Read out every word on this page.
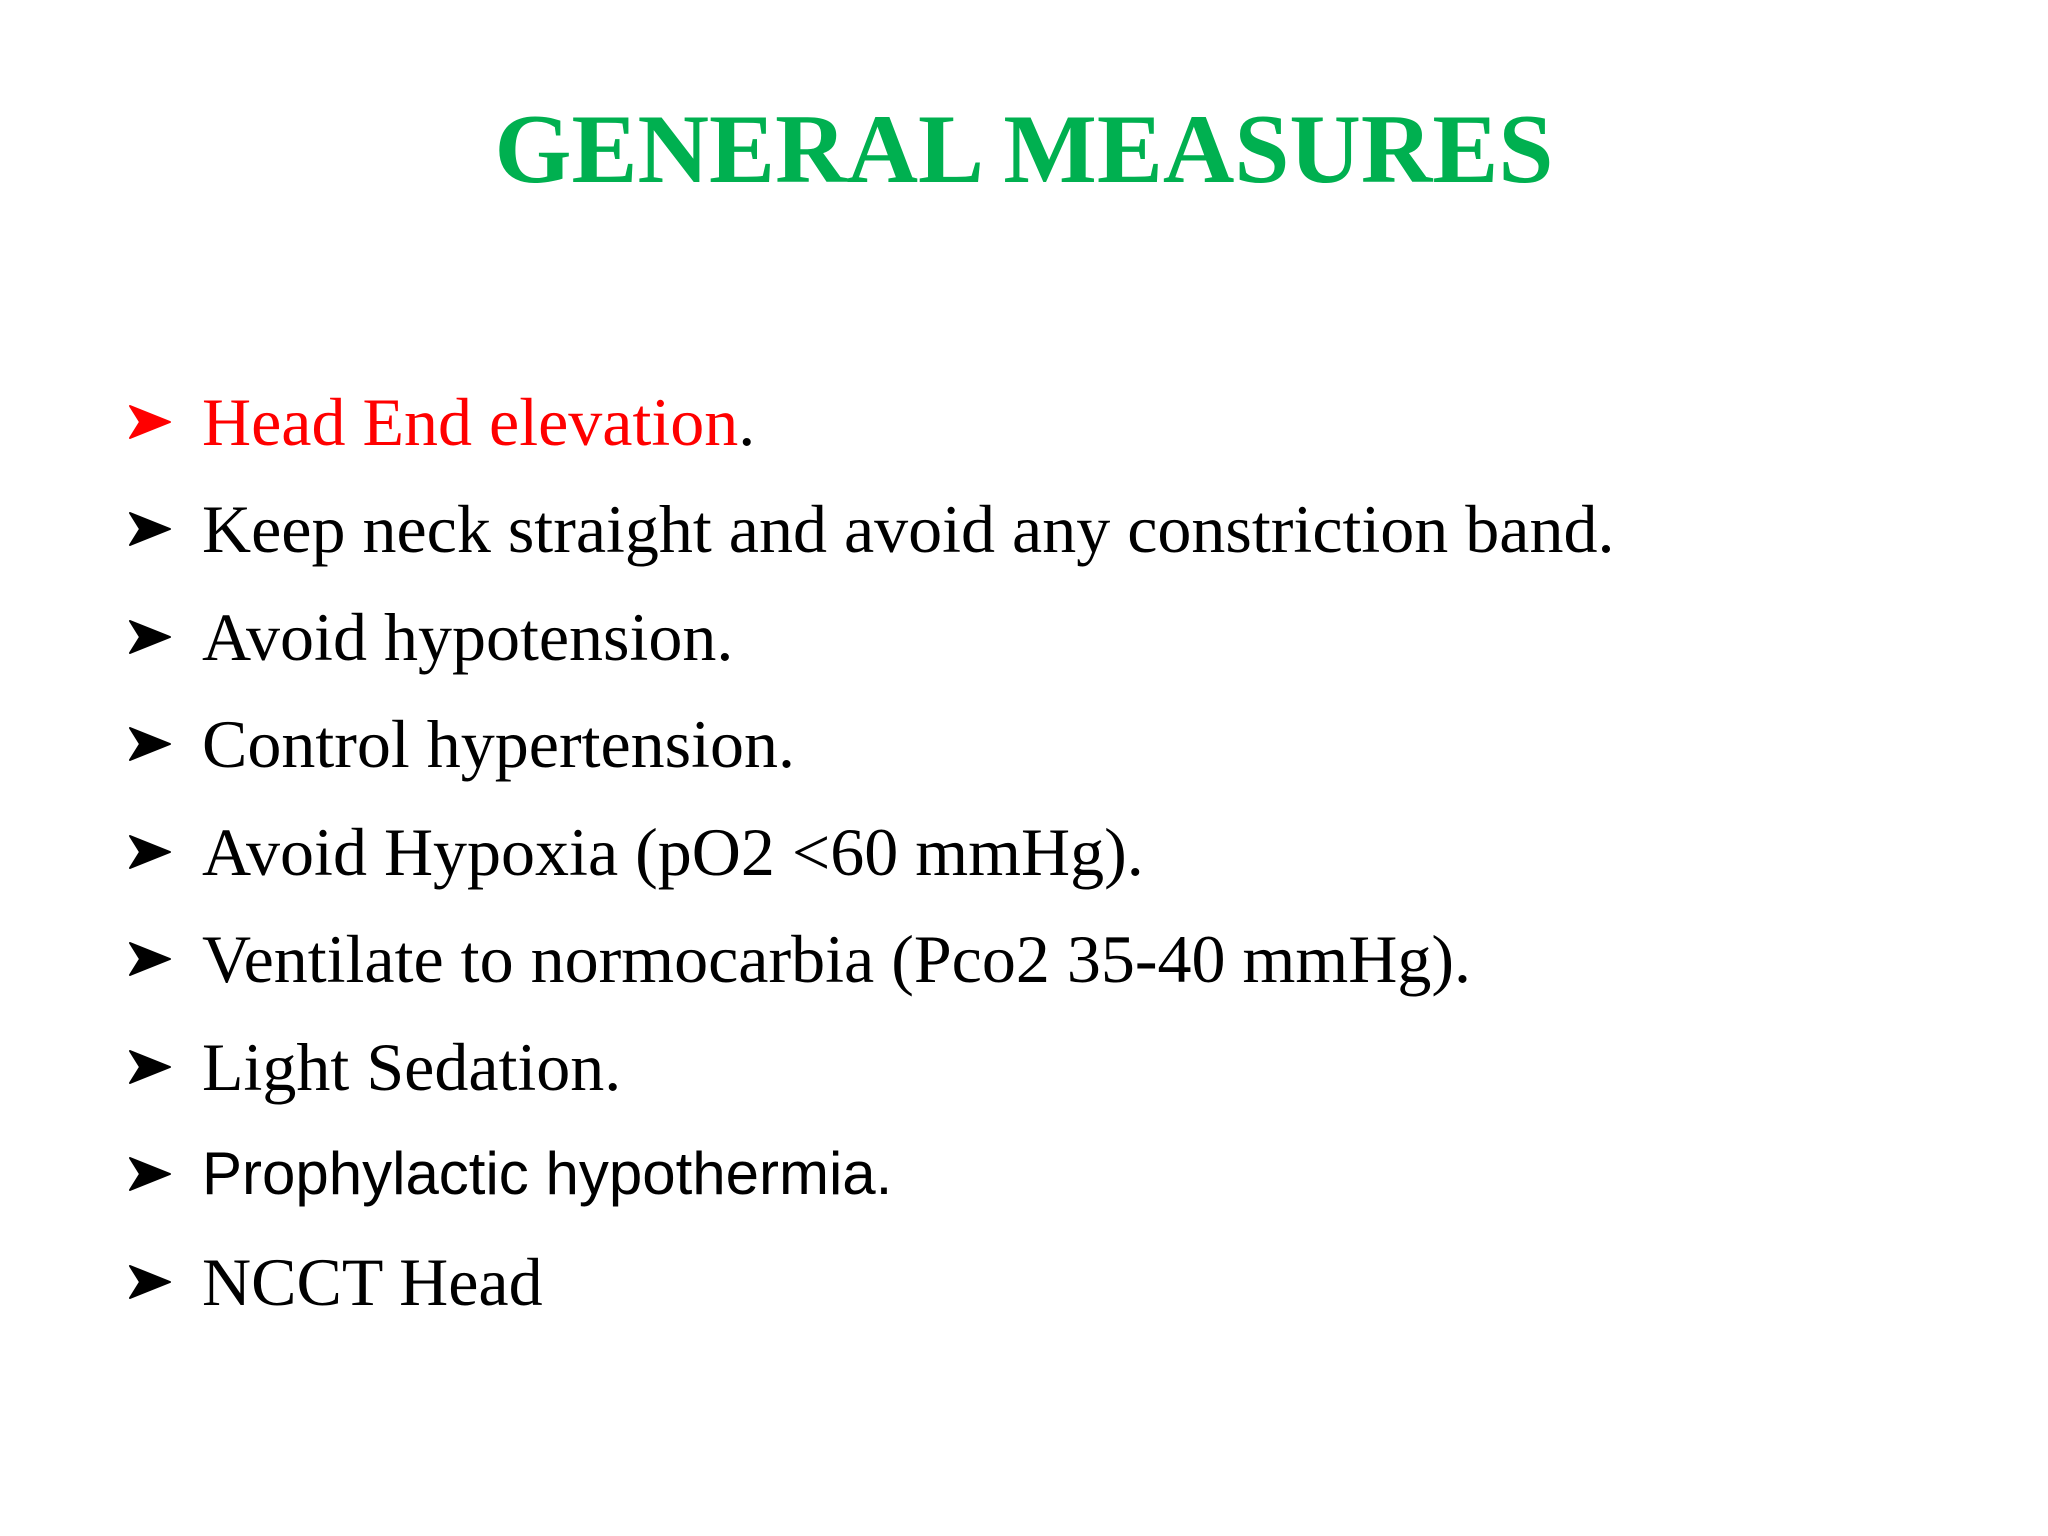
GENERAL MEASURES
Head End elevation.
Keep neck straight and avoid any constriction band.
Avoid hypotension.
Control hypertension.
Avoid Hypoxia (pO2 <60 mmHg).
Ventilate to normocarbia (Pco2 35-40 mmHg).
Light Sedation.
Prophylactic hypothermia.
NCCT Head
